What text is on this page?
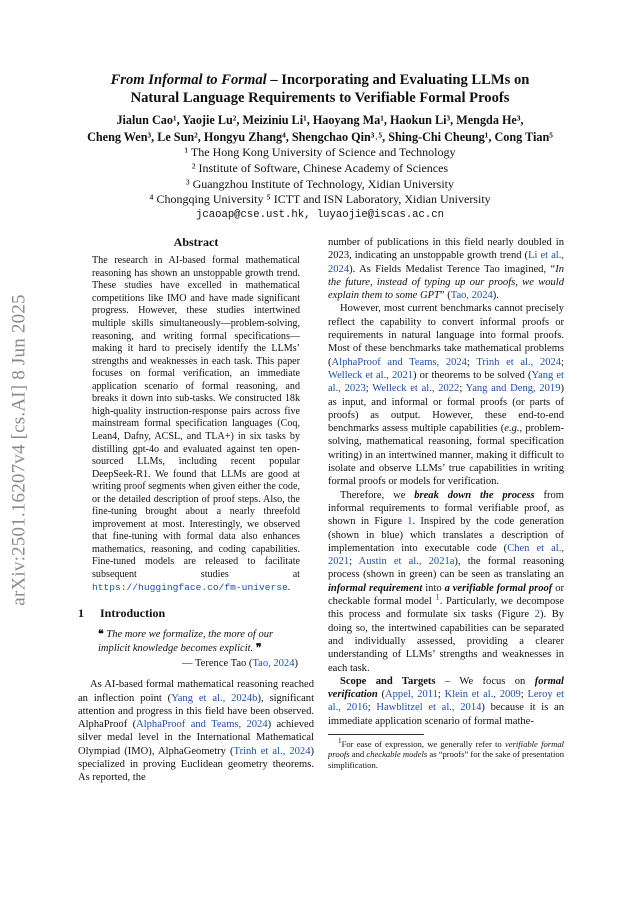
arXiv:2501.16207v4 [cs.AI] 8 Jun 2025
From Informal to Formal – Incorporating and Evaluating LLMs on
Natural Language Requirements to Verifiable Formal Proofs
Jialun Cao¹, Yaojie Lu², Meiziniu Li¹, Haoyang Ma¹, Haokun Li³, Mengda He³,
Cheng Wen³, Le Sun², Hongyu Zhang⁴, Shengchao Qin³˒⁵, Shing-Chi Cheung¹, Cong Tian⁵
¹ The Hong Kong University of Science and Technology
² Institute of Software, Chinese Academy of Sciences
³ Guangzhou Institute of Technology, Xidian University
⁴ Chongqing University ⁵ ICTT and ISN Laboratory, Xidian University
jcaoap@cse.ust.hk, luyaojie@iscas.ac.cn
Abstract
The research in AI-based formal mathematical reasoning has shown an unstoppable growth trend. These studies have excelled in mathematical competitions like IMO and have made significant progress. However, these studies intertwined multiple skills simultaneously—problem-solving, reasoning, and writing formal specifications—making it hard to precisely identify the LLMs’ strengths and weaknesses in each task. This paper focuses on formal verification, an immediate application scenario of formal reasoning, and breaks it down into sub-tasks. We constructed 18k high-quality instruction-response pairs across five mainstream formal specification languages (Coq, Lean4, Dafny, ACSL, and TLA+) in six tasks by distilling gpt-4o and evaluated against ten open-sourced LLMs, including recent popular DeepSeek-R1. We found that LLMs are good at writing proof segments when given either the code, or the detailed description of proof steps. Also, the fine-tuning brought about a nearly threefold improvement at most. Interestingly, we observed that fine-tuning with formal data also enhances mathematics, reasoning, and coding capabilities. Fine-tuned models are released to facilitate subsequent studies at https://huggingface.co/fm-universe.
1 Introduction
❝ The more we formalize, the more of our implicit knowledge becomes explicit. ❞
— Terence Tao (Tao, 2024)

As AI-based formal mathematical reasoning reached an inflection point (Yang et al., 2024b), significant attention and progress in this field have been observed. AlphaProof (AlphaProof and Teams, 2024) achieved silver medal level in the International Mathematical Olympiad (IMO), AlphaGeometry (Trinh et al., 2024) specialized in proving Euclidean geometry theorems. As reported, the

number of publications in this field nearly doubled in 2023, indicating an unstoppable growth trend (Li et al., 2024). As Fields Medalist Terence Tao imagined, “In the future, instead of typing up our proofs, we would explain them to some GPT” (Tao, 2024).

However, most current benchmarks cannot precisely reflect the capability to convert informal proofs or requirements in natural language into formal proofs. Most of these benchmarks take mathematical problems (AlphaProof and Teams, 2024; Trinh et al., 2024; Welleck et al., 2021) or theorems to be solved (Yang et al., 2023; Welleck et al., 2022; Yang and Deng, 2019) as input, and informal or formal proofs (or parts of proofs) as output. However, these end-to-end benchmarks assess multiple capabilities (e.g., problem-solving, mathematical reasoning, formal specification writing) in an intertwined manner, making it difficult to isolate and observe LLMs’ true capabilities in writing formal proofs or models for verification.

Therefore, we break down the process from informal requirements to formal verifiable proof, as shown in Figure 1. Inspired by the code generation (shown in blue) which translates a description of implementation into executable code (Chen et al., 2021; Austin et al., 2021a), the formal reasoning process (shown in green) can be seen as translating an informal requirement into a verifiable formal proof or checkable formal model $^1$. Particularly, we decompose this process and formulate six tasks (Figure 2). By doing so, the intertwined capabilities can be separated and individually assessed, providing a clearer understanding of LLMs’ strengths and weaknesses in each task.

Scope and Targets – We focus on formal verification (Appel, 2011; Klein et al., 2009; Leroy et al., 2016; Hawblitzel et al., 2014) because it is an immediate application scenario of formal mathe-

$^1$For ease of expression, we generally refer to verifiable formal proofs and checkable models as “proofs” for the sake of presentation simplification.
